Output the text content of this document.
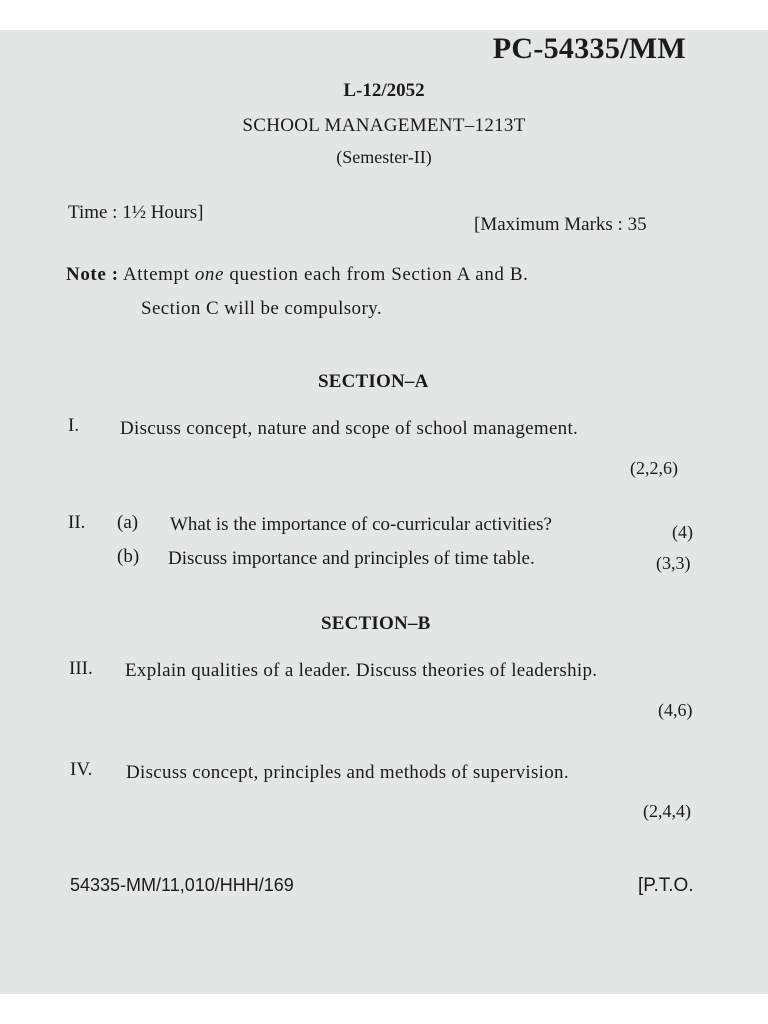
PC-54335/MM
L-12/2052
SCHOOL MANAGEMENT–1213T
(Semester-II)
Time : 1½ Hours]
[Maximum Marks : 35
Note : Attempt one question each from Section A and B.
Section C will be compulsory.
SECTION–A
I. Discuss concept, nature and scope of school management.
(2,2,6)
II. (a) What is the importance of co-curricular activities?	(4)
(b) Discuss importance and principles of time table.	(3,3)
SECTION–B
III. Explain qualities of a leader. Discuss theories of leadership.
(4,6)
IV. Discuss concept, principles and methods of supervision.
(2,4,4)
54335-MM/11,010/HHH/169	[P.T.O.
